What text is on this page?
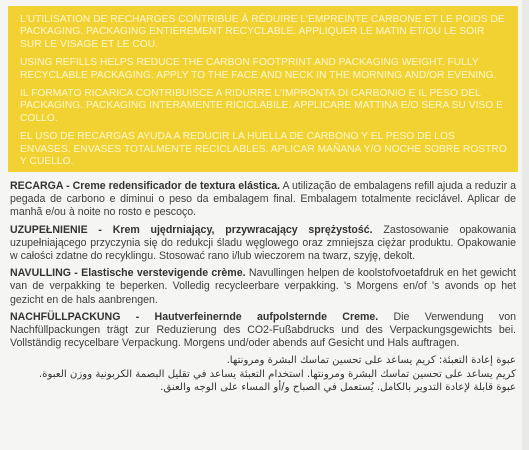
L'UTILISATION DE RECHARGES CONTRIBUE À RÉDUIRE L'EMPREINTE CARBONE ET LE POIDS DE PACKAGING. PACKAGING ENTIÈREMENT RECYCLABLE. APPLIQUER LE MATIN ET/OU LE SOIR SUR LE VISAGE ET LE COU.

USING REFILLS HELPS REDUCE THE CARBON FOOTPRINT AND PACKAGING WEIGHT. FULLY RECYCLABLE PACKAGING. APPLY TO THE FACE AND NECK IN THE MORNING AND/OR EVENING.

IL FORMATO RICARICA CONTRIBUISCE A RIDURRE L'IMPRONTA DI CARBONIO E IL PESO DEL PACKAGING. PACKAGING INTERAMENTE RICICLABILE. APPLICARE MATTINA E/O SERA SU VISO E COLLO.

EL USO DE RECARGAS AYUDA A REDUCIR LA HUELLA DE CARBONO Y EL PESO DE LOS ENVASES. ENVASES TOTALMENTE RECICLABLES. APLICAR MAÑANA Y/O NOCHE SOBRE ROSTRO Y CUELLO.

RECARGA - Creme redensificador de textura elástica. A utilização de embalagens refill ajuda a reduzir a pegada de carbono e diminui o peso da embalagem final. Embalagem totalmente reciclável. Aplicar de manhã e/ou à noite no rosto e pescoço.

UZUPEŁNIENIE - Krem ujędrniający, przywracający sprężystość. Zastosowanie opakowania uzupełniającego przyczynia się do redukcji śladu węglowego oraz zmniejsza ciężar produktu. Opakowanie w całości zdatne do recyklingu. Stosować rano i/lub wieczorem na twarz, szyję, dekolt.

NAVULLING - Elastische verstevigende crème. Navullingen helpen de koolstofvoetafdruk en het gewicht van de verpakking te beperken. Volledig recycleerbare verpakking. 's Morgens en/of 's avonds op het gezicht en de hals aanbrengen.

NACHFÜLLPACKUNG - Hautverfeinernde aufpolsternde Creme. Die Verwendung von Nachfüllpackungen trägt zur Reduzierung des CO2-Fußabdrucks und des Verpackungsgewichts bei. Vollständig recycelbare Verpackung. Morgens und/oder abends auf Gesicht und Hals auftragen.

عبوة إعادة التعبئة: كريم يساعد على تحسين تماسك البشرة ومرونتها.

كريم يساعد على تحسين تماسك البشرة ومرونتها. استخدام التعبئة يساعد في تقليل البصمة الكربونية ووزن العبوة.

عبوة قابلة لإعادة التدوير بالكامل. يُستعمل في الصباح و/أو المساء على الوجه والعنق.
